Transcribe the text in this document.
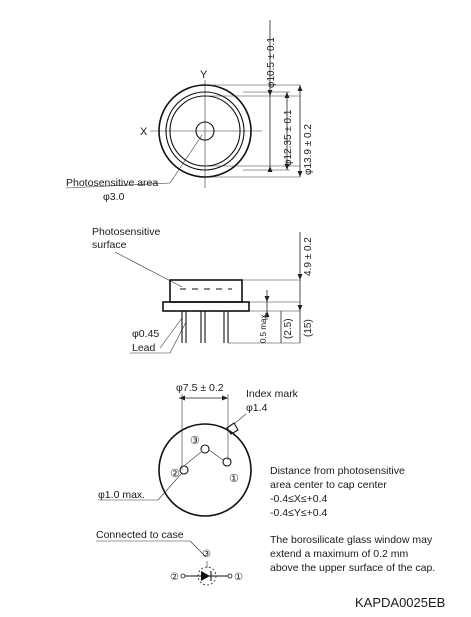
Y
X
φ10.5 ± 0.1
φ12.35 ± 0.1 φ13.9 ± 0.2
Photosensitive area
φ3.0
Photosensitive
surface	4.9 ± 0.2
0.5 max. (2.5) (15)
φ0.45
Lead
φ7.5 ± 0.2 Index mark
φ1.4
③
②	①
φ1.0 max.
Distance from photosensitive
area center to cap center
-0.4≤X≤+0.4
-0.4≤Y≤+0.4
The borosilicate glass window may
extend a maximum of 0.2 mm
above the upper surface of the cap.
Connected to case
③
②	①
KAPDA0025EB
